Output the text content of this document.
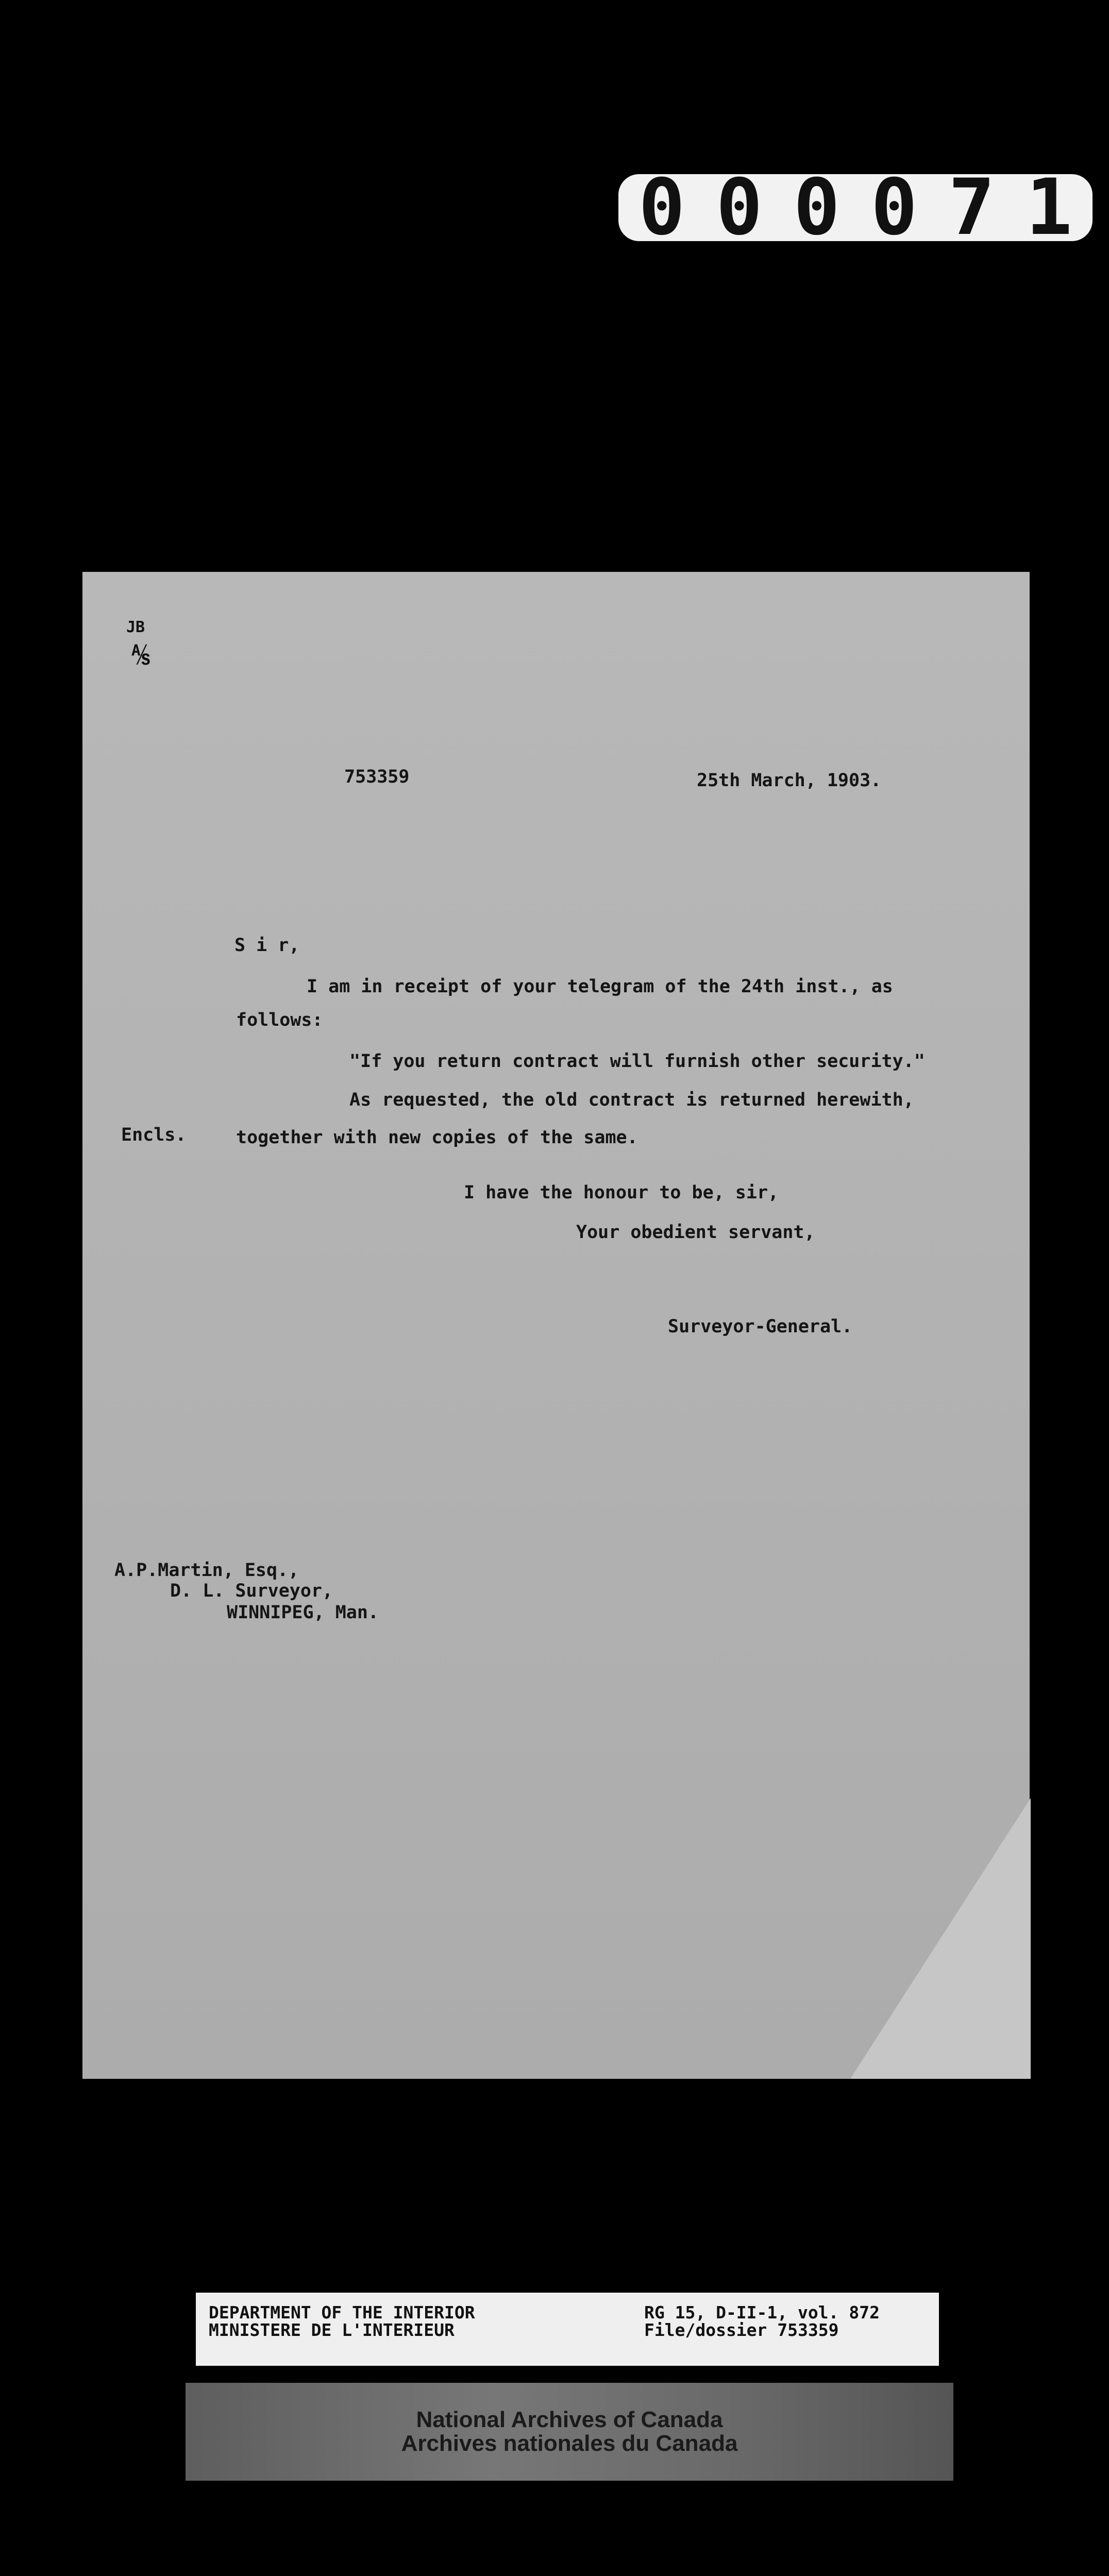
000071
JB
⅍
753359	25th March, 1903.
S i r,
I am in receipt of your telegram of the 24th inst., as
follows:
"If you return contract will furnish other security."
As requested, the old contract is returned herewith,
Encls.	together with new copies of the same.
I have the honour to be, sir,
Your obedient servant,
Surveyor-General.
A.P.Martin, Esq.,
D. L. Surveyor,
WINNIPEG, Man.
DEPARTMENT OF THE INTERIOR
MINISTERE DE L'INTERIEUR
RG 15, D-II-1, vol. 872
File/dossier 753359
National Archives of Canada
Archives nationales du Canada
